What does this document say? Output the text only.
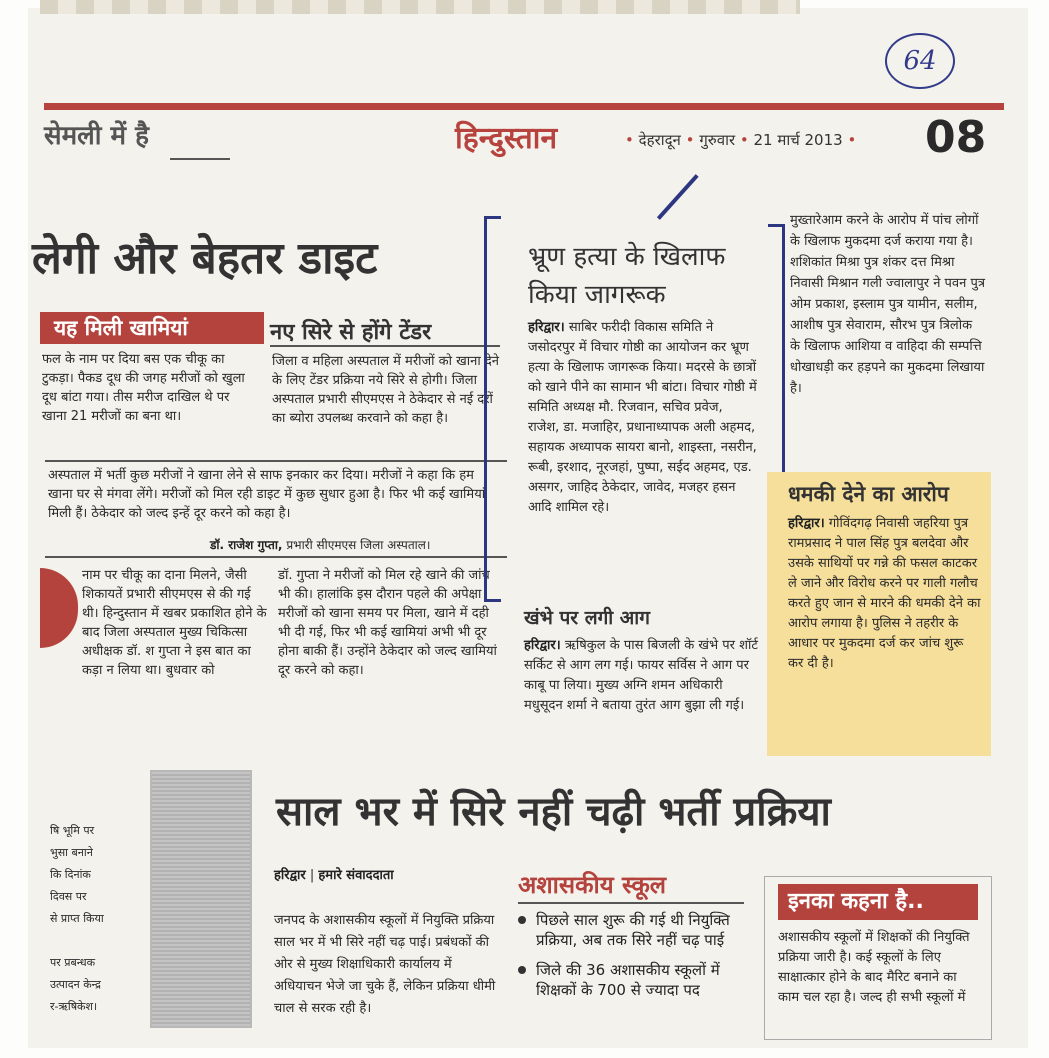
64
सेमली में है	हिन्दुस्तान	• देहरादून • गुरुवार • 21 मार्च 2013 • 08
लेगी और बेहतर डाइट
यह मिली खामियां
फल के नाम पर दिया बस एक चीकू का टुकड़ा। पैकड दूध की जगह मरीजों को खुला दूध बांटा गया। तीस मरीज दाखिल थे पर खाना 21 मरीजों का बना था।
नए सिरे से होंगे टेंडर
जिला व महिला अस्पताल में मरीजों को खाना देने के लिए टेंडर प्रक्रिया नये सिरे से होगी। जिला अस्पताल प्रभारी सीएमएस ने ठेकेदार से नई दरों का ब्योरा उपलब्ध करवाने को कहा है।
अस्पताल में भर्ती कुछ मरीजों ने खाना लेने से साफ इनकार कर दिया। मरीजों ने कहा कि हम खाना घर से मंगवा लेंगे। मरीजों को मिल रही डाइट में कुछ सुधार हुआ है। फिर भी कई खामियां मिली हैं। ठेकेदार को जल्द इन्हें दूर करने को कहा है।
डॉ. राजेश गुप्ता, प्रभारी सीएमएस जिला अस्पताल।
नाम पर चीकू का दाना मिलने, जैसी शिकायतें प्रभारी सीएमएस से की गई थी। हिन्दुस्तान में खबर प्रकाशित होने के बाद जिला अस्पताल मुख्य चिकित्सा अधीक्षक डॉ. श गुप्ता ने इस बात का कड़ा न लिया था। बुधवार को
डॉ. गुप्ता ने मरीजों को मिल रहे खाने की जांच भी की। हालांकि इस दौरान पहले की अपेक्षा मरीजों को खाना समय पर मिला, खाने में दही भी दी गई, फिर भी कई खामियां अभी भी दूर होना बाकी हैं। उन्होंने ठेकेदार को जल्द खामियां दूर करने को कहा।
भ्रूण हत्या के खिलाफ किया जागरूक
हरिद्वार। साबिर फरीदी विकास समिति ने जसोदरपुर में विचार गोष्ठी का आयोजन कर भ्रूण हत्या के खिलाफ जागरूक किया। मदरसे के छात्रों को खाने पीने का सामान भी बांटा। विचार गोष्ठी में समिति अध्यक्ष मौ. रिजवान, सचिव प्रवेज, राजेश, डा. मजाहिर, प्रधानाध्यापक अली अहमद, सहायक अध्यापक सायरा बानो, शाइस्ता, नसरीन, रूबी, इरशाद, नूरजहां, पुष्पा, सईद अहमद, एड. असगर, जाहिद ठेकेदार, जावेद, मजहर हसन आदि शामिल रहे।
खंभे पर लगी आग
हरिद्वार। ऋषिकुल के पास बिजली के खंभे पर शॉर्ट सर्किट से आग लग गई। फायर सर्विस ने आग पर काबू पा लिया। मुख्य अग्नि शमन अधिकारी मधुसूदन शर्मा ने बताया तुरंत आग बुझा ली गई।
मुख्तारेआम करने के आरोप में पांच लोगों के खिलाफ मुकदमा दर्ज कराया गया है। शशिकांत मिश्रा पुत्र शंकर दत्त मिश्रा निवासी मिश्रान गली ज्वालापुर ने पवन पुत्र ओम प्रकाश, इस्लाम पुत्र यामीन, सलीम, आशीष पुत्र सेवाराम, सौरभ पुत्र त्रिलोक के खिलाफ आशिया व वाहिदा की सम्पत्ति धोखाधड़ी कर हड़पने का मुकदमा लिखाया है।
धमकी देने का आरोप
हरिद्वार। गोविंदगढ़ निवासी जहरिया पुत्र रामप्रसाद ने पाल सिंह पुत्र बलदेवा और उसके साथियों पर गन्ने की फसल काटकर ले जाने और विरोध करने पर गाली गलौच करते हुए जान से मारने की धमकी देने का आरोप लगाया है। पुलिस ने तहरीर के आधार पर मुकदमा दर्ज कर जांच शुरू कर दी है।
साल भर में सिरे नहीं चढ़ी भर्ती प्रक्रिया
षि भूमि पर
भुसा बनाने
कि दिनांक
दिवस पर
से प्राप्त किया
पर प्रबन्धक
उत्पादन केन्द्र
र-ऋषिकेश।
हरिद्वार | हमारे संवाददाता
जनपद के अशासकीय स्कूलों में नियुक्ति प्रक्रिया साल भर में भी सिरे नहीं चढ़ पाई। प्रबंधकों की ओर से मुख्य शिक्षाधिकारी कार्यालय में अधियाचन भेजे जा चुके हैं, लेकिन प्रक्रिया धीमी चाल से सरक रही है।
अशासकीय स्कूल
पिछले साल शुरू की गई थी नियुक्ति प्रक्रिया, अब तक सिरे नहीं चढ़ पाई
जिले की 36 अशासकीय स्कूलों में शिक्षकों के 700 से ज्यादा पद
इनका कहना है..
अशासकीय स्कूलों में शिक्षकों की नियुक्ति प्रक्रिया जारी है। कई स्कूलों के लिए साक्षात्कार होने के बाद मैरिट बनाने का काम चल रहा है। जल्द ही सभी स्कूलों में
